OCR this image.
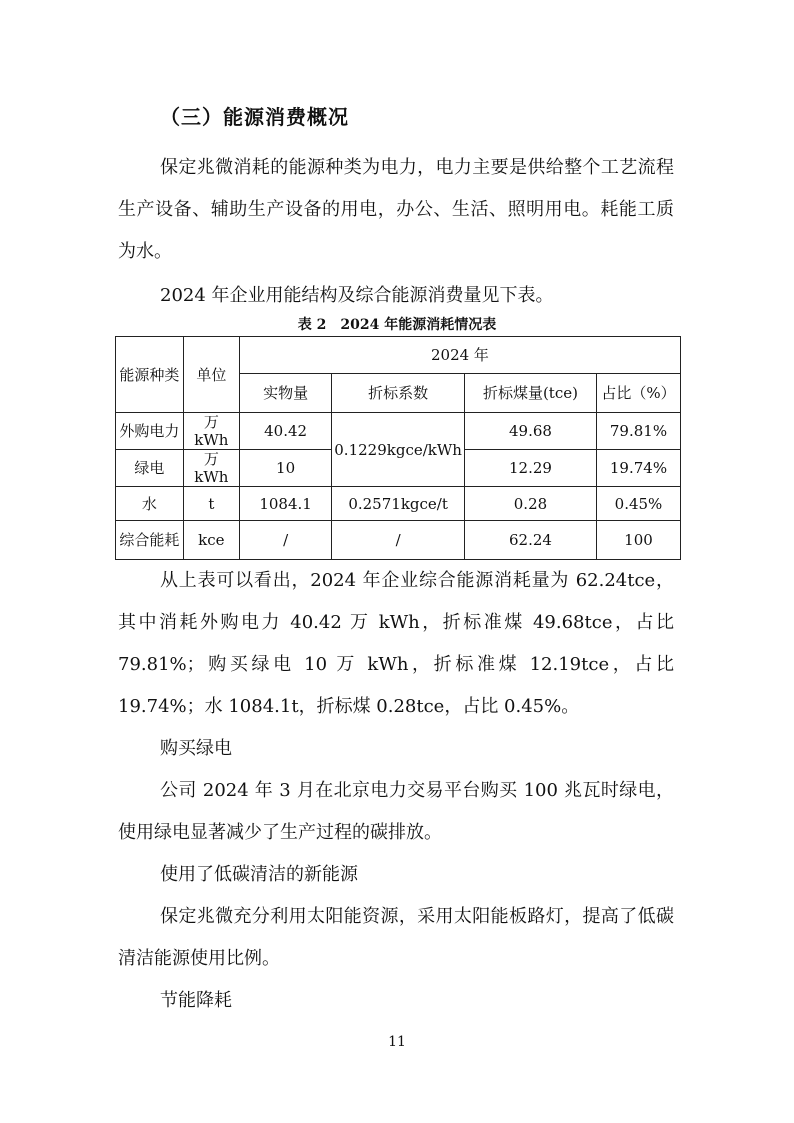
（三）能源消费概况

保定兆微消耗的能源种类为电力，电力主要是供给整个工艺流程生产设备、辅助生产设备的用电，办公、生活、照明用电。耗能工质为水。

2024 年企业用能结构及综合能源消费量见下表。

表 2　2024 年能源消耗情况表
能源种类	单位	2024 年			
		实物量	折标系数	折标煤量(tce)	占比（%）
外购电力	万 kWh	40.42	0.1229kgce/kWh	49.68	79.81%
绿电	万 kWh	10		12.29	19.74%
水	t	1084.1	0.2571kgce/t	0.28	0.45%
综合能耗	kce	/	/	62.24	100

从上表可以看出，2024 年企业综合能源消耗量为 62.24tce，其中消耗外购电力 40.42 万 kWh，折标准煤 49.68tce，占比 79.81%；购买绿电 10 万 kWh，折标准煤 12.19tce，占比 19.74%；水 1084.1t，折标煤 0.28tce，占比 0.45%。

购买绿电

公司 2024 年 3 月在北京电力交易平台购买 100 兆瓦时绿电，使用绿电显著减少了生产过程的碳排放。

使用了低碳清洁的新能源

保定兆微充分利用太阳能资源，采用太阳能板路灯，提高了低碳清洁能源使用比例。

节能降耗

11
